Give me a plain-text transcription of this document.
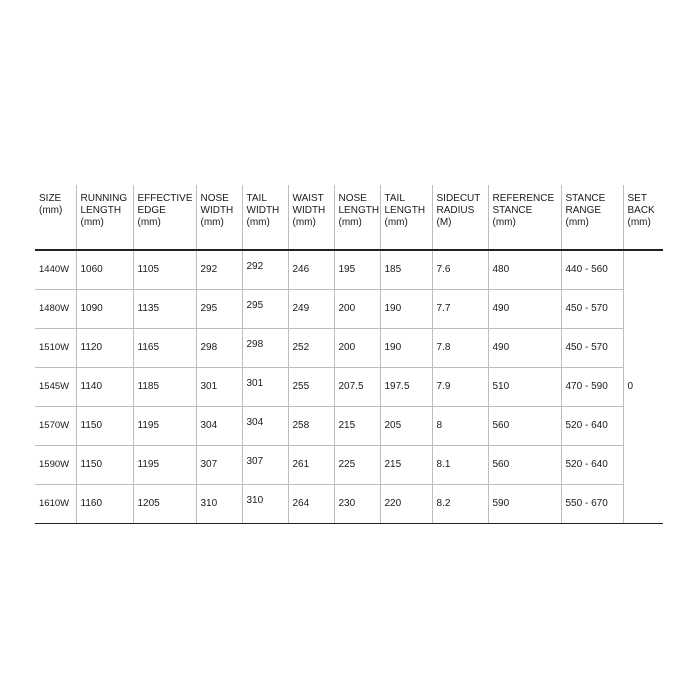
SIZE
(mm)	RUNNING
LENGTH
(mm)	EFFECTIVE
EDGE
(mm)	NOSE
WIDTH
(mm)	TAIL
WIDTH
(mm)	WAIST
WIDTH
(mm)	NOSE
LENGTH
(mm)	TAIL
LENGTH
(mm)	SIDECUT
RADIUS
(M)	REFERENCE
STANCE
(mm)	STANCE
RANGE
(mm)	SET
BACK
(mm)

1440W	1060	1105	292	292	246	195	185	7.6	480	440 - 560	0

1480W	1090	1135	295	295	249	200	190	7.7	490	450 - 570	

1510W	1120	1165	298	298	252	200	190	7.8	490	450 - 570	

1545W	1140	1185	301	301	255	207.5	197.5	7.9	510	470 - 590	

1570W	1150	1195	304	304	258	215	205	8	560	520 - 640	

1590W	1150	1195	307	307	261	225	215	8.1	560	520 - 640	

1610W	1160	1205	310	310	264	230	220	8.2	590	550 - 670	
